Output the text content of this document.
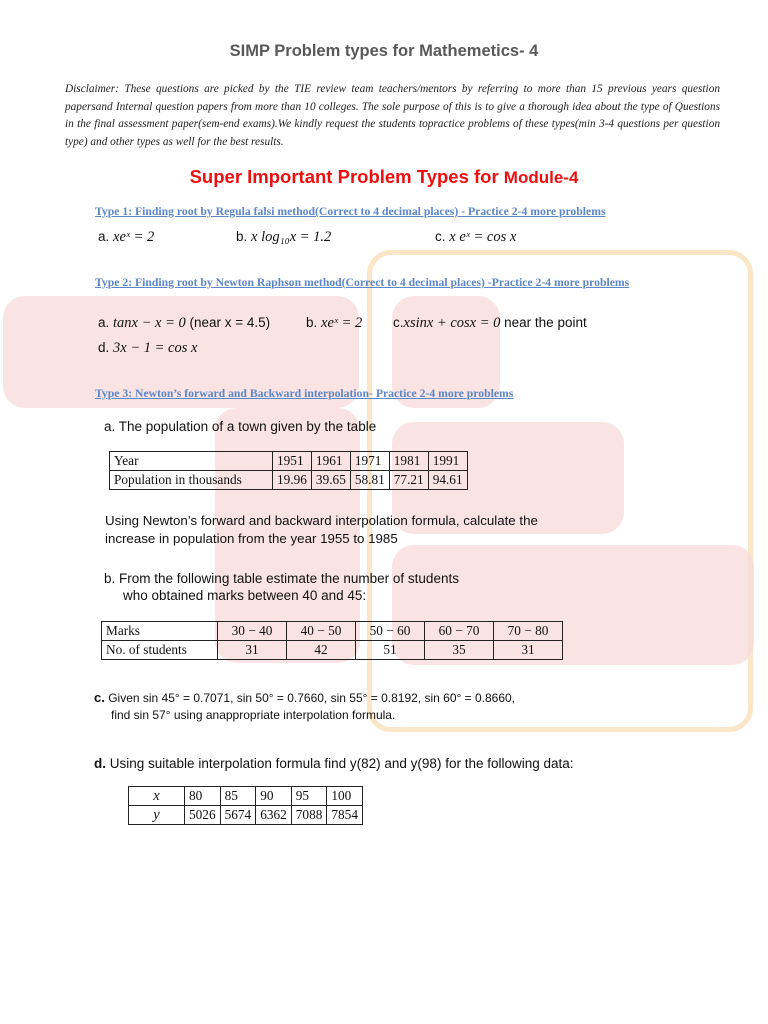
SIMP Problem types for Mathemetics- 4
Disclaimer: These questions are picked by the TIE review team teachers/mentors by referring to more than 15 previous years question papersand Internal question papers from more than 10 colleges. The sole purpose of this is to give a thorough idea about the type of Questions in the final assessment paper(sem-end exams).We kindly request the students topractice problems of these types(min 3-4 questions per question type) and other types as well for the best results.
Super Important Problem Types for Module-4
Type 1: Finding root by Regula falsi method(Correct to 4 decimal places) - Practice 2-4 more problems
a. xeˣ = 2	b. x log₁₀x = 1.2	c. x eˣ = cos x
Type 2: Finding root by Newton Raphson method(Correct to 4 decimal places) -Practice 2-4 more problems
a. tanx − x = 0 (near x = 4.5)	b. xeˣ = 2 c.xsinx + cosx = 0 near the point
d. 3x − 1 = cos x
Type 3: Newton’s forward and Backward interpolation- Practice 2-4 more problems
a. The population of a town given by the table
Year	1951	1961	1971	1981	1991
Population in thousands	19.96	39.65	58.81	77.21	94.61
Using Newton’s forward and backward interpolation formula, calculate the
increase in population from the year 1955 to 1985
b. From the following table estimate the number of students
who obtained marks between 40 and 45:
Marks	30 − 40	40 − 50	50 − 60	60 − 70	70 − 80
No. of students	31	42	51	35	31
c. Given sin 45° = 0.7071, sin 50° = 0.7660, sin 55° = 0.8192, sin 60° = 0.8660,
find sin 57° using anappropriate interpolation formula.
d. Using suitable interpolation formula find y(82) and y(98) for the following data:
x	80	85	90	95	100
y	5026	5674	6362	7088	7854
